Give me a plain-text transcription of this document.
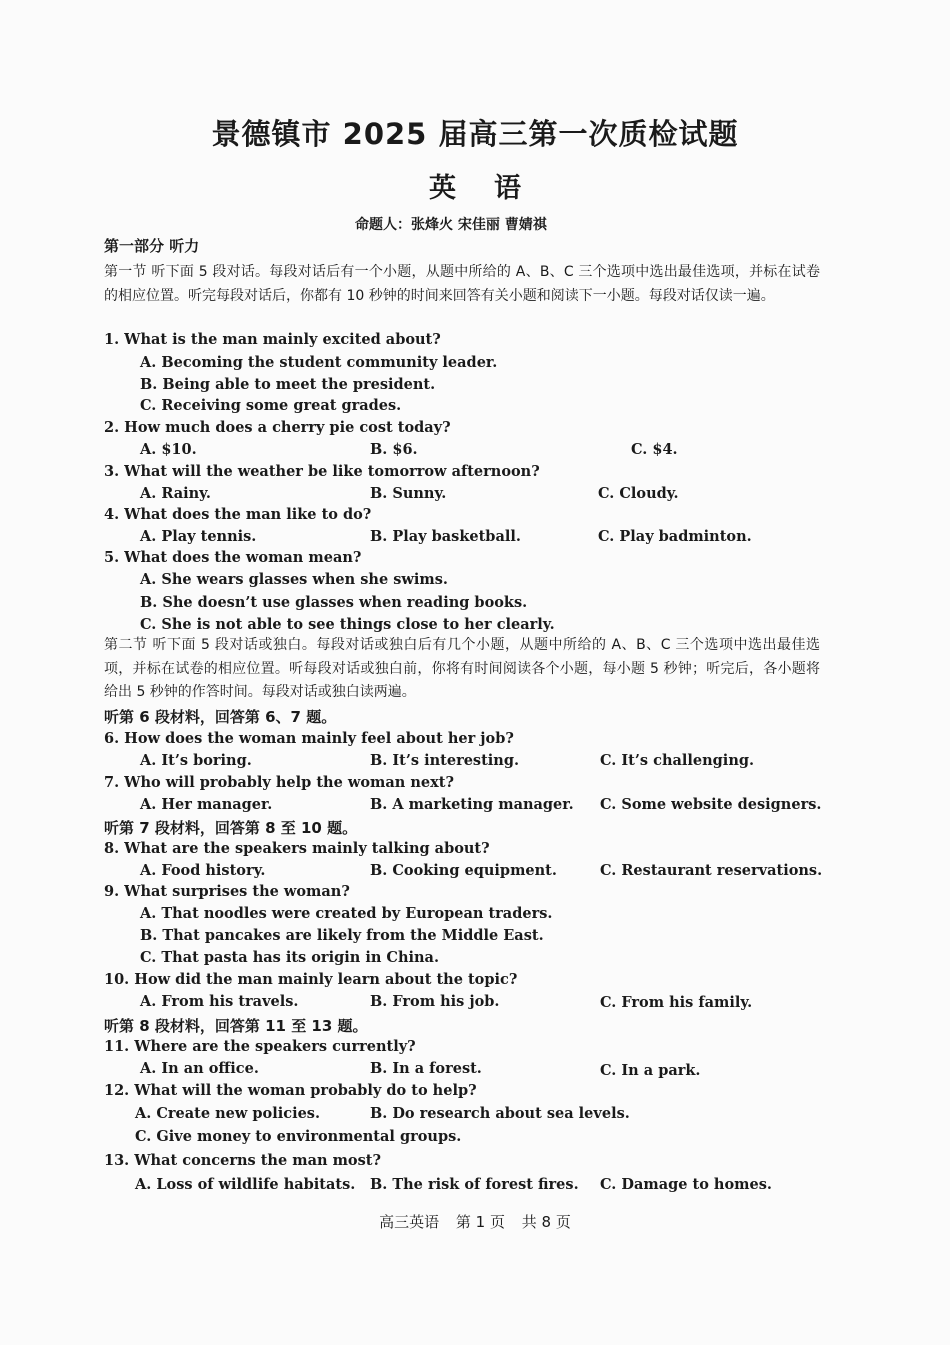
景德镇市 2025 届高三第一次质检试题
英语
命题人：张烽火 宋佳丽 曹婧祺
第一部分 听力
第一节 听下面 5 段对话。每段对话后有一个小题，从题中所给的 A、B、C 三个选项中选出最佳选项，并标在试卷的相应位置。听完每段对话后，你都有 10 秒钟的时间来回答有关小题和阅读下一小题。每段对话仅读一遍。
1. What is the man mainly excited about?
A. Becoming the student community leader.
B. Being able to meet the president.
C. Receiving some great grades.
2. How much does a cherry pie cost today?
A. $10.	B. $6.	C. $4.
3. What will the weather be like tomorrow afternoon?
A. Rainy.	B. Sunny.	C. Cloudy.
4. What does the man like to do?
A. Play tennis.	B. Play basketball.	C. Play badminton.
5. What does the woman mean?
A. She wears glasses when she swims.
B. She doesn’t use glasses when reading books.
C. She is not able to see things close to her clearly.
第二节 听下面 5 段对话或独白。每段对话或独白后有几个小题，从题中所给的 A、B、C 三个选项中选出最佳选项，并标在试卷的相应位置。听每段对话或独白前，你将有时间阅读各个小题，每小题 5 秒钟；听完后，各小题将给出 5 秒钟的作答时间。每段对话或独白读两遍。
听第 6 段材料，回答第 6、7 题。
6. How does the woman mainly feel about her job?
A. It’s boring.	B. It’s interesting.	C. It’s challenging.
7. Who will probably help the woman next?
A. Her manager.	B. A marketing manager. C. Some website designers.
听第 7 段材料，回答第 8 至 10 题。
8. What are the speakers mainly talking about?
A. Food history.	B. Cooking equipment.	C. Restaurant reservations.
9. What surprises the woman?
A. That noodles were created by European traders.
B. That pancakes are likely from the Middle East.
C. That pasta has its origin in China.
10. How did the man mainly learn about the topic?
A. From his travels.	B. From his job.	C. From his family.
听第 8 段材料，回答第 11 至 13 题。
11. Where are the speakers currently?
A. In an office.	B. In a forest.	C. In a park.
12. What will the woman probably do to help?
A. Create new policies.	B. Do research about sea levels.
C. Give money to environmental groups.
13. What concerns the man most?
A. Loss of wildlife habitats. B. The risk of forest fires. C. Damage to homes.
高三英语 第 1 页 共 8 页
